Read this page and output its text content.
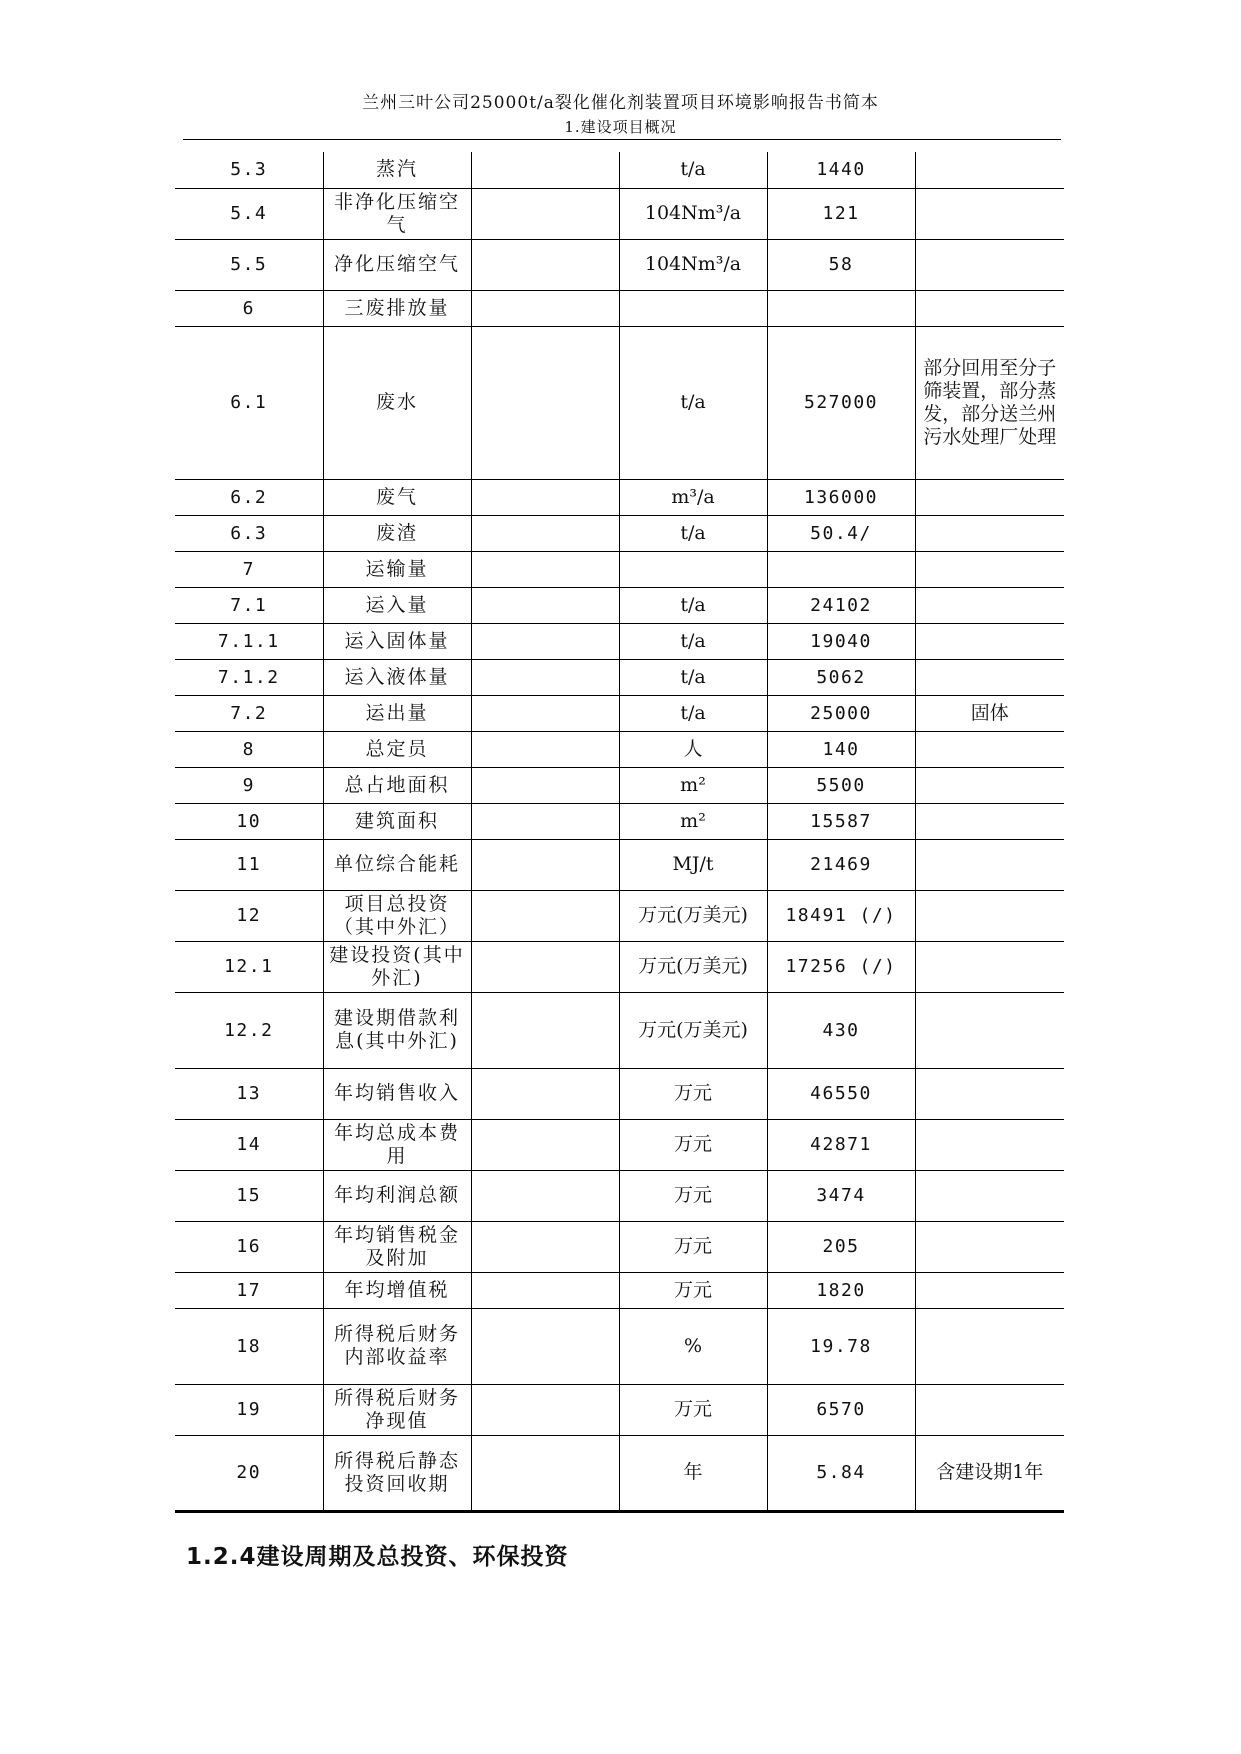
兰州三叶公司25000t/a裂化催化剂装置项目环境影响报告书简本
1.建设项目概况
5.3	蒸汽		t/a	1440	
5.4	非净化压缩空气		104Nm³/a	121	
5.5	净化压缩空气		104Nm³/a	58	
6	三废排放量				
6.1	废水		t/a	527000	部分回用至分子筛装置，部分蒸发，部分送兰州污水处理厂处理
6.2	废气		m³/a	136000	
6.3	废渣		t/a	50.4/	
7	运输量				
7.1	运入量		t/a	24102	
7.1.1	运入固体量		t/a	19040	
7.1.2	运入液体量		t/a	5062	
7.2	运出量		t/a	25000	固体
8	总定员		人	140	
9	总占地面积		m²	5500	
10	建筑面积		m²	15587	
11	单位综合能耗		MJ/t	21469	
12	项目总投资（其中外汇）		万元(万美元)	18491 (/)	
12.1	建设投资(其中外汇)		万元(万美元)	17256 (/)	
12.2	建设期借款利息(其中外汇)		万元(万美元)	430	
13	年均销售收入		万元	46550	
14	年均总成本费用		万元	42871	
15	年均利润总额		万元	3474	
16	年均销售税金及附加		万元	205	
17	年均增值税		万元	1820	
18	所得税后财务内部收益率		%	19.78	
19	所得税后财务净现值		万元	6570	
20	所得税后静态投资回收期		年	5.84	含建设期1年
1.2.4建设周期及总投资、环保投资
